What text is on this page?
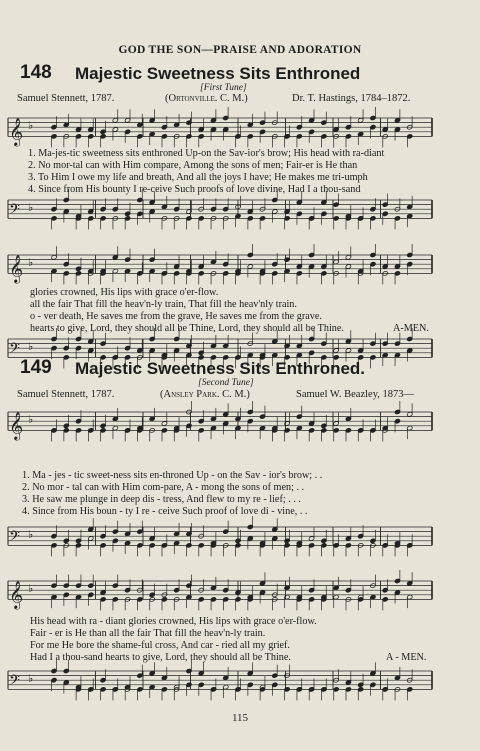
𝄞 ♭
𝄢 ♭
𝄞 ♭
𝄢 ♭
𝄞 ♭
𝄢 ♭
𝄞 ♭
𝄢 ♭
GOD THE SON—PRAISE AND ADORATION
148 Majestic Sweetness Sits Enthroned
[First Tune]
Samuel Stennett, 1787.	(Ortonville. C. M.)	Dr. T. Hastings, 1784–1872.
1. Ma-jes-tic sweetness sits enthroned Up-on the Sav-ior's brow; His head with ra-diant
2. No mor-tal can with Him compare, Among the sons of men; Fair-er is He than
3. To Him I owe my life and breath, And all the joys I have; He makes me tri-umph
4. Since from His bounty I re-ceive Such proofs of love divine, Had I a thou-sand
glories crowned, His lips with grace o'er-flow.
all the fair That fill the heav'n-ly train, That fill the heav'nly train.
o - ver death, He saves me from the grave, He saves me from the grave.
hearts to give, Lord, they should all be Thine, Lord, they should all be Thine.	A-MEN.
149 Majestic Sweetness Sits Enthroned.
[Second Tune]
Samuel Stennett, 1787.	(Ansley Park. C. M.)	Samuel W. Beazley, 1873—
1. Ma - jes - tic sweet-ness sits en-throned Up - on the Sav - ior's brow; . .
2. No mor - tal can with Him com-pare, A - mong the sons of men; . .
3. He saw me plunge in deep dis - tress, And flew to my re - lief; . . .
4. Since from His boun - ty I re - ceive Such proof of love di - vine, . .
His head with ra - diant glories crowned, His lips with grace o'er-flow.
Fair - er is He than all the fair That fill the heav'n-ly train.
For me He bore the shame-ful cross, And car - ried all my grief.
Had I a thou-sand hearts to give, Lord, they should all be Thine.	A - MEN.
115
